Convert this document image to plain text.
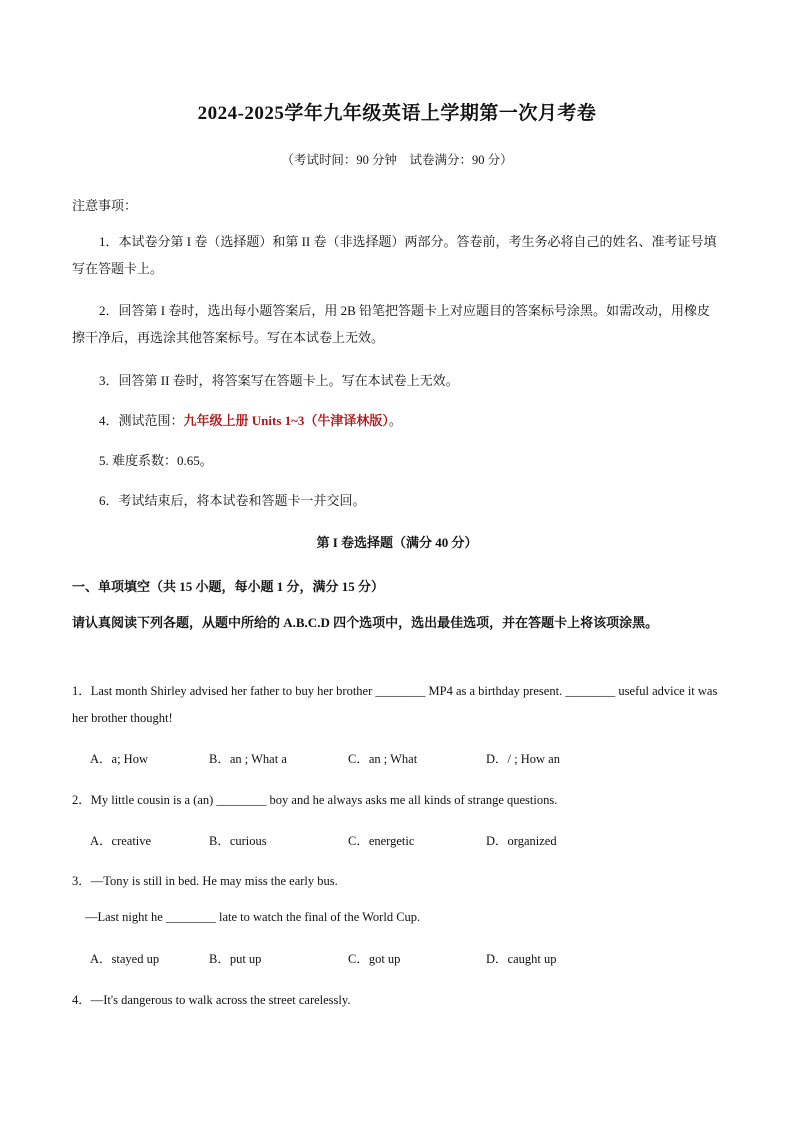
2024-2025学年九年级英语上学期第一次月考卷
（考试时间：90 分钟　试卷满分：90 分）
注意事项：
1．本试卷分第 I 卷（选择题）和第 II 卷（非选择题）两部分。答卷前，考生务必将自己的姓名、准考证号填写在答题卡上。
2．回答第 I 卷时，选出每小题答案后，用 2B 铅笔把答题卡上对应题目的答案标号涂黑。如需改动，用橡皮擦干净后，再选涂其他答案标号。写在本试卷上无效。
3．回答第 II 卷时，将答案写在答题卡上。写在本试卷上无效。
4．测试范围：九年级上册 Units 1~3（牛津译林版）。
5. 难度系数：0.65。
6．考试结束后，将本试卷和答题卡一并交回。
第 I 卷选择题（满分 40 分）
一、单项填空（共 15 小题，每小题 1 分，满分 15 分）
请认真阅读下列各题，从题中所给的 A.B.C.D 四个选项中，选出最佳选项，并在答题卡上将该项涂黑。
1．Last month Shirley advised her father to buy her brother ________ MP4 as a birthday present. ________ useful advice it was her brother thought!
A．a; How	B．an ; What a	C．an ; What	D．/ ; How an
2．My little cousin is a (an) ________ boy and he always asks me all kinds of strange questions.
A．creative	B．curious	C．energetic	D．organized
3．—Tony is still in bed. He may miss the early bus.
—Last night he ________ late to watch the final of the World Cup.
A．stayed up	B．put up	C．got up	D．caught up
4．—It's dangerous to walk across the street carelessly.
